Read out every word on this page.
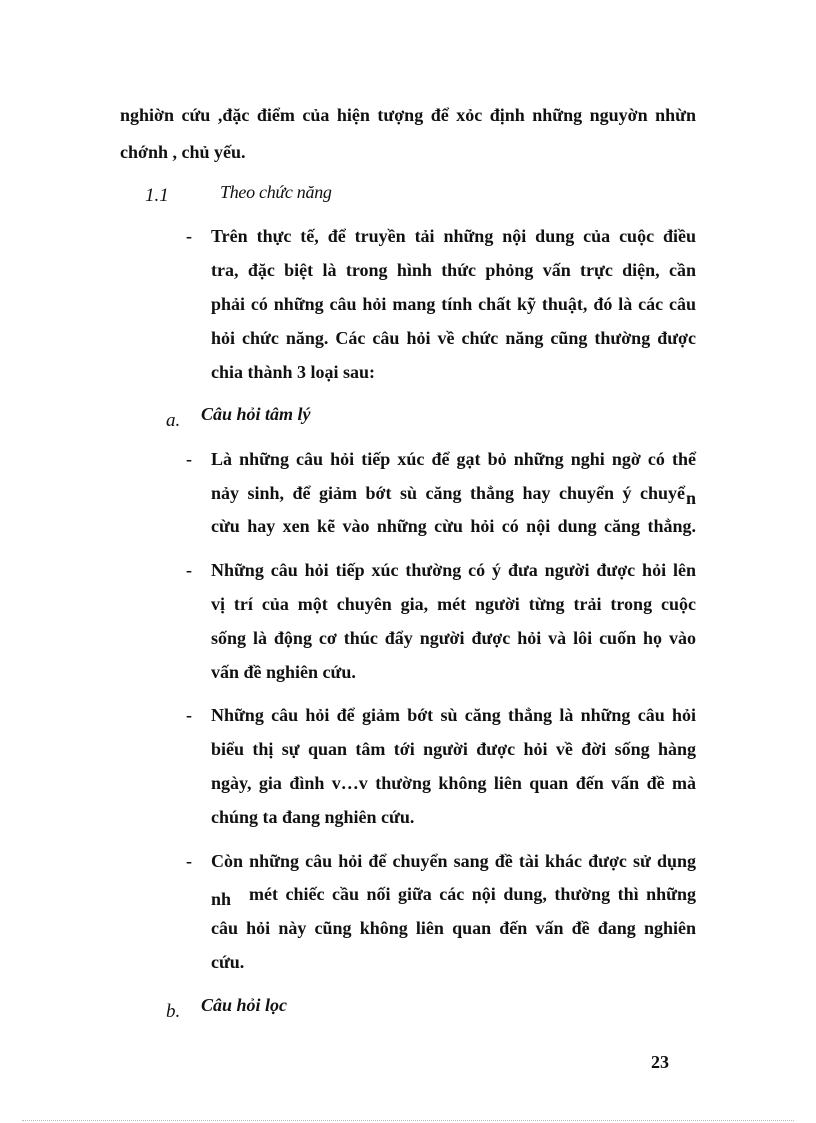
nghiờn cứu ,đặc điểm của hiện tượng để xỏc định những nguyờn nhừn
chớnh , chủ yếu.
1.1	Theo chức năng
- Trên thực tế, để truyền tải những nội dung của cuộc điều
tra, đặc biệt là trong hình thức phỏng vấn trực diện, cần
phải có những câu hỏi mang tính chất kỹ thuật, đó là các câu
hỏi chức năng. Các câu hỏi về chức năng cũng thường được
chia thành 3 loại sau:
a. Câu hỏi tâm lý
- Là những câu hỏi tiếp xúc để gạt bỏ những nghi ngờ có thể
nảy sinh, để giảm bớt sù căng thẳng hay chuyển ý chuyể n
cừu hay xen kẽ vào những cừu hỏi có nội dung căng thẳng.
- Những câu hỏi tiếp xúc thường có ý đưa người được hỏi lên
vị trí của một chuyên gia, mét người từng trải trong cuộc
sống là động cơ thúc đẩy người được hỏi và lôi cuốn họ vào
vấn đề nghiên cứu.
- Những câu hỏi để giảm bớt sù căng thẳng là những câu hỏi
biểu thị sự quan tâm tới người được hỏi về đời sống hàng
ngày, gia đình v…v thường không liên quan đến vấn đề mà
chúng ta đang nghiên cứu.
- Còn những câu hỏi để chuyển sang đề tài khác được sử dụng
nh mét chiếc cầu nối giữa các nội dung, thường thì những
câu hỏi này cũng không liên quan đến vấn đề đang nghiên
cứu.
b. Câu hỏi lọc
23
